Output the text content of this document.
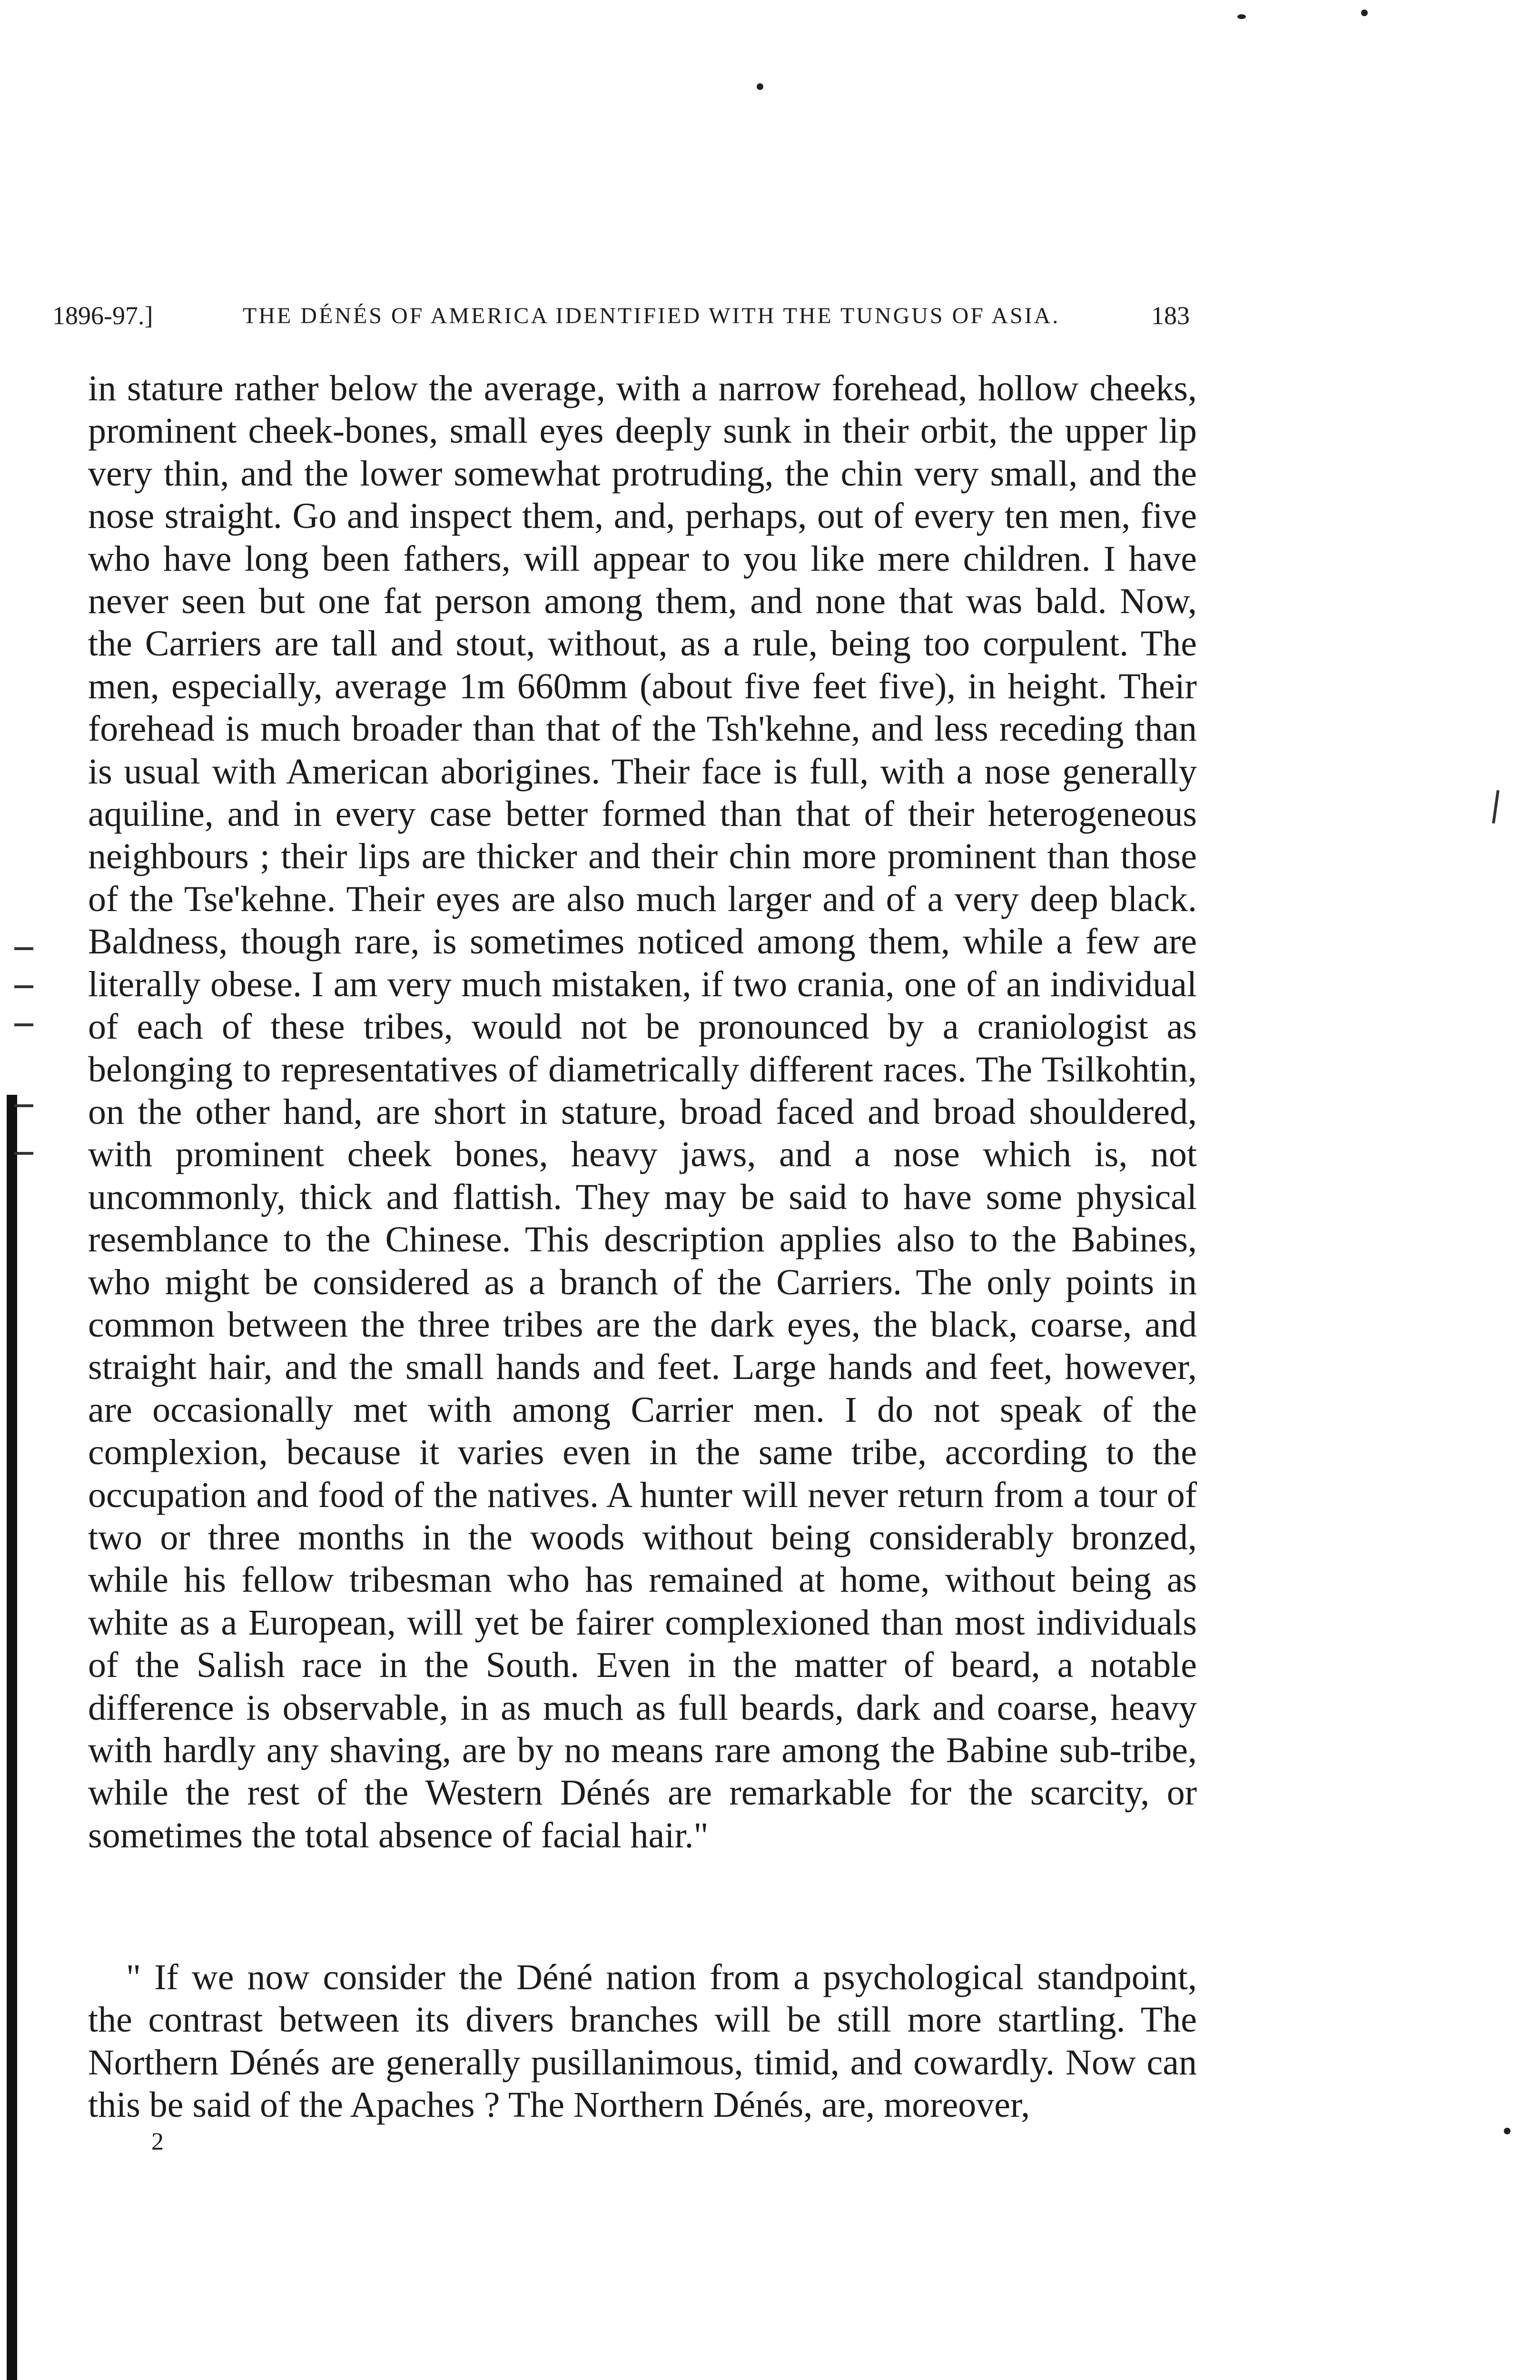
1896-97.]	THE DÉNÉS OF AMERICA IDENTIFIED WITH THE TUNGUS OF ASIA.	183
in stature rather below the average, with a narrow forehead, hollow cheeks, prominent cheek-bones, small eyes deeply sunk in their orbit, the upper lip very thin, and the lower somewhat protruding, the chin very small, and the nose straight. Go and inspect them, and, perhaps, out of every ten men, five who have long been fathers, will appear to you like mere children. I have never seen but one fat person among them, and none that was bald. Now, the Carriers are tall and stout, without, as a rule, being too corpulent. The men, especially, average 1m 660mm (about five feet five), in height. Their forehead is much broader than that of the Tsh'kehne, and less receding than is usual with American aborigines. Their face is full, with a nose generally aquiline, and in every case better formed than that of their heterogeneous neighbours ; their lips are thicker and their chin more prominent than those of the Tse'kehne. Their eyes are also much larger and of a very deep black. Baldness, though rare, is sometimes noticed among them, while a few are literally obese. I am very much mistaken, if two crania, one of an individual of each of these tribes, would not be pronounced by a craniologist as belonging to representatives of diametrically different races. The Tsilkohtin, on the other hand, are short in stature, broad faced and broad shouldered, with prominent cheek bones, heavy jaws, and a nose which is, not uncommonly, thick and flattish. They may be said to have some physical resemblance to the Chinese. This description applies also to the Babines, who might be considered as a branch of the Carriers. The only points in common between the three tribes are the dark eyes, the black, coarse, and straight hair, and the small hands and feet. Large hands and feet, however, are occasionally met with among Carrier men. I do not speak of the complexion, because it varies even in the same tribe, according to the occupation and food of the natives. A hunter will never return from a tour of two or three months in the woods without being considerably bronzed, while his fellow tribesman who has remained at home, without being as white as a European, will yet be fairer complexioned than most individuals of the Salish race in the South. Even in the matter of beard, a notable difference is observable, in as much as full beards, dark and coarse, heavy with hardly any shaving, are by no means rare among the Babine sub-tribe, while the rest of the Western Dénés are remarkable for the scarcity, or sometimes the total absence of facial hair."
" If we now consider the Déné nation from a psychological standpoint, the contrast between its divers branches will be still more startling. The Northern Dénés are generally pusillanimous, timid, and cowardly. Now can this be said of the Apaches ? The Northern Dénés, are, moreover,
2
